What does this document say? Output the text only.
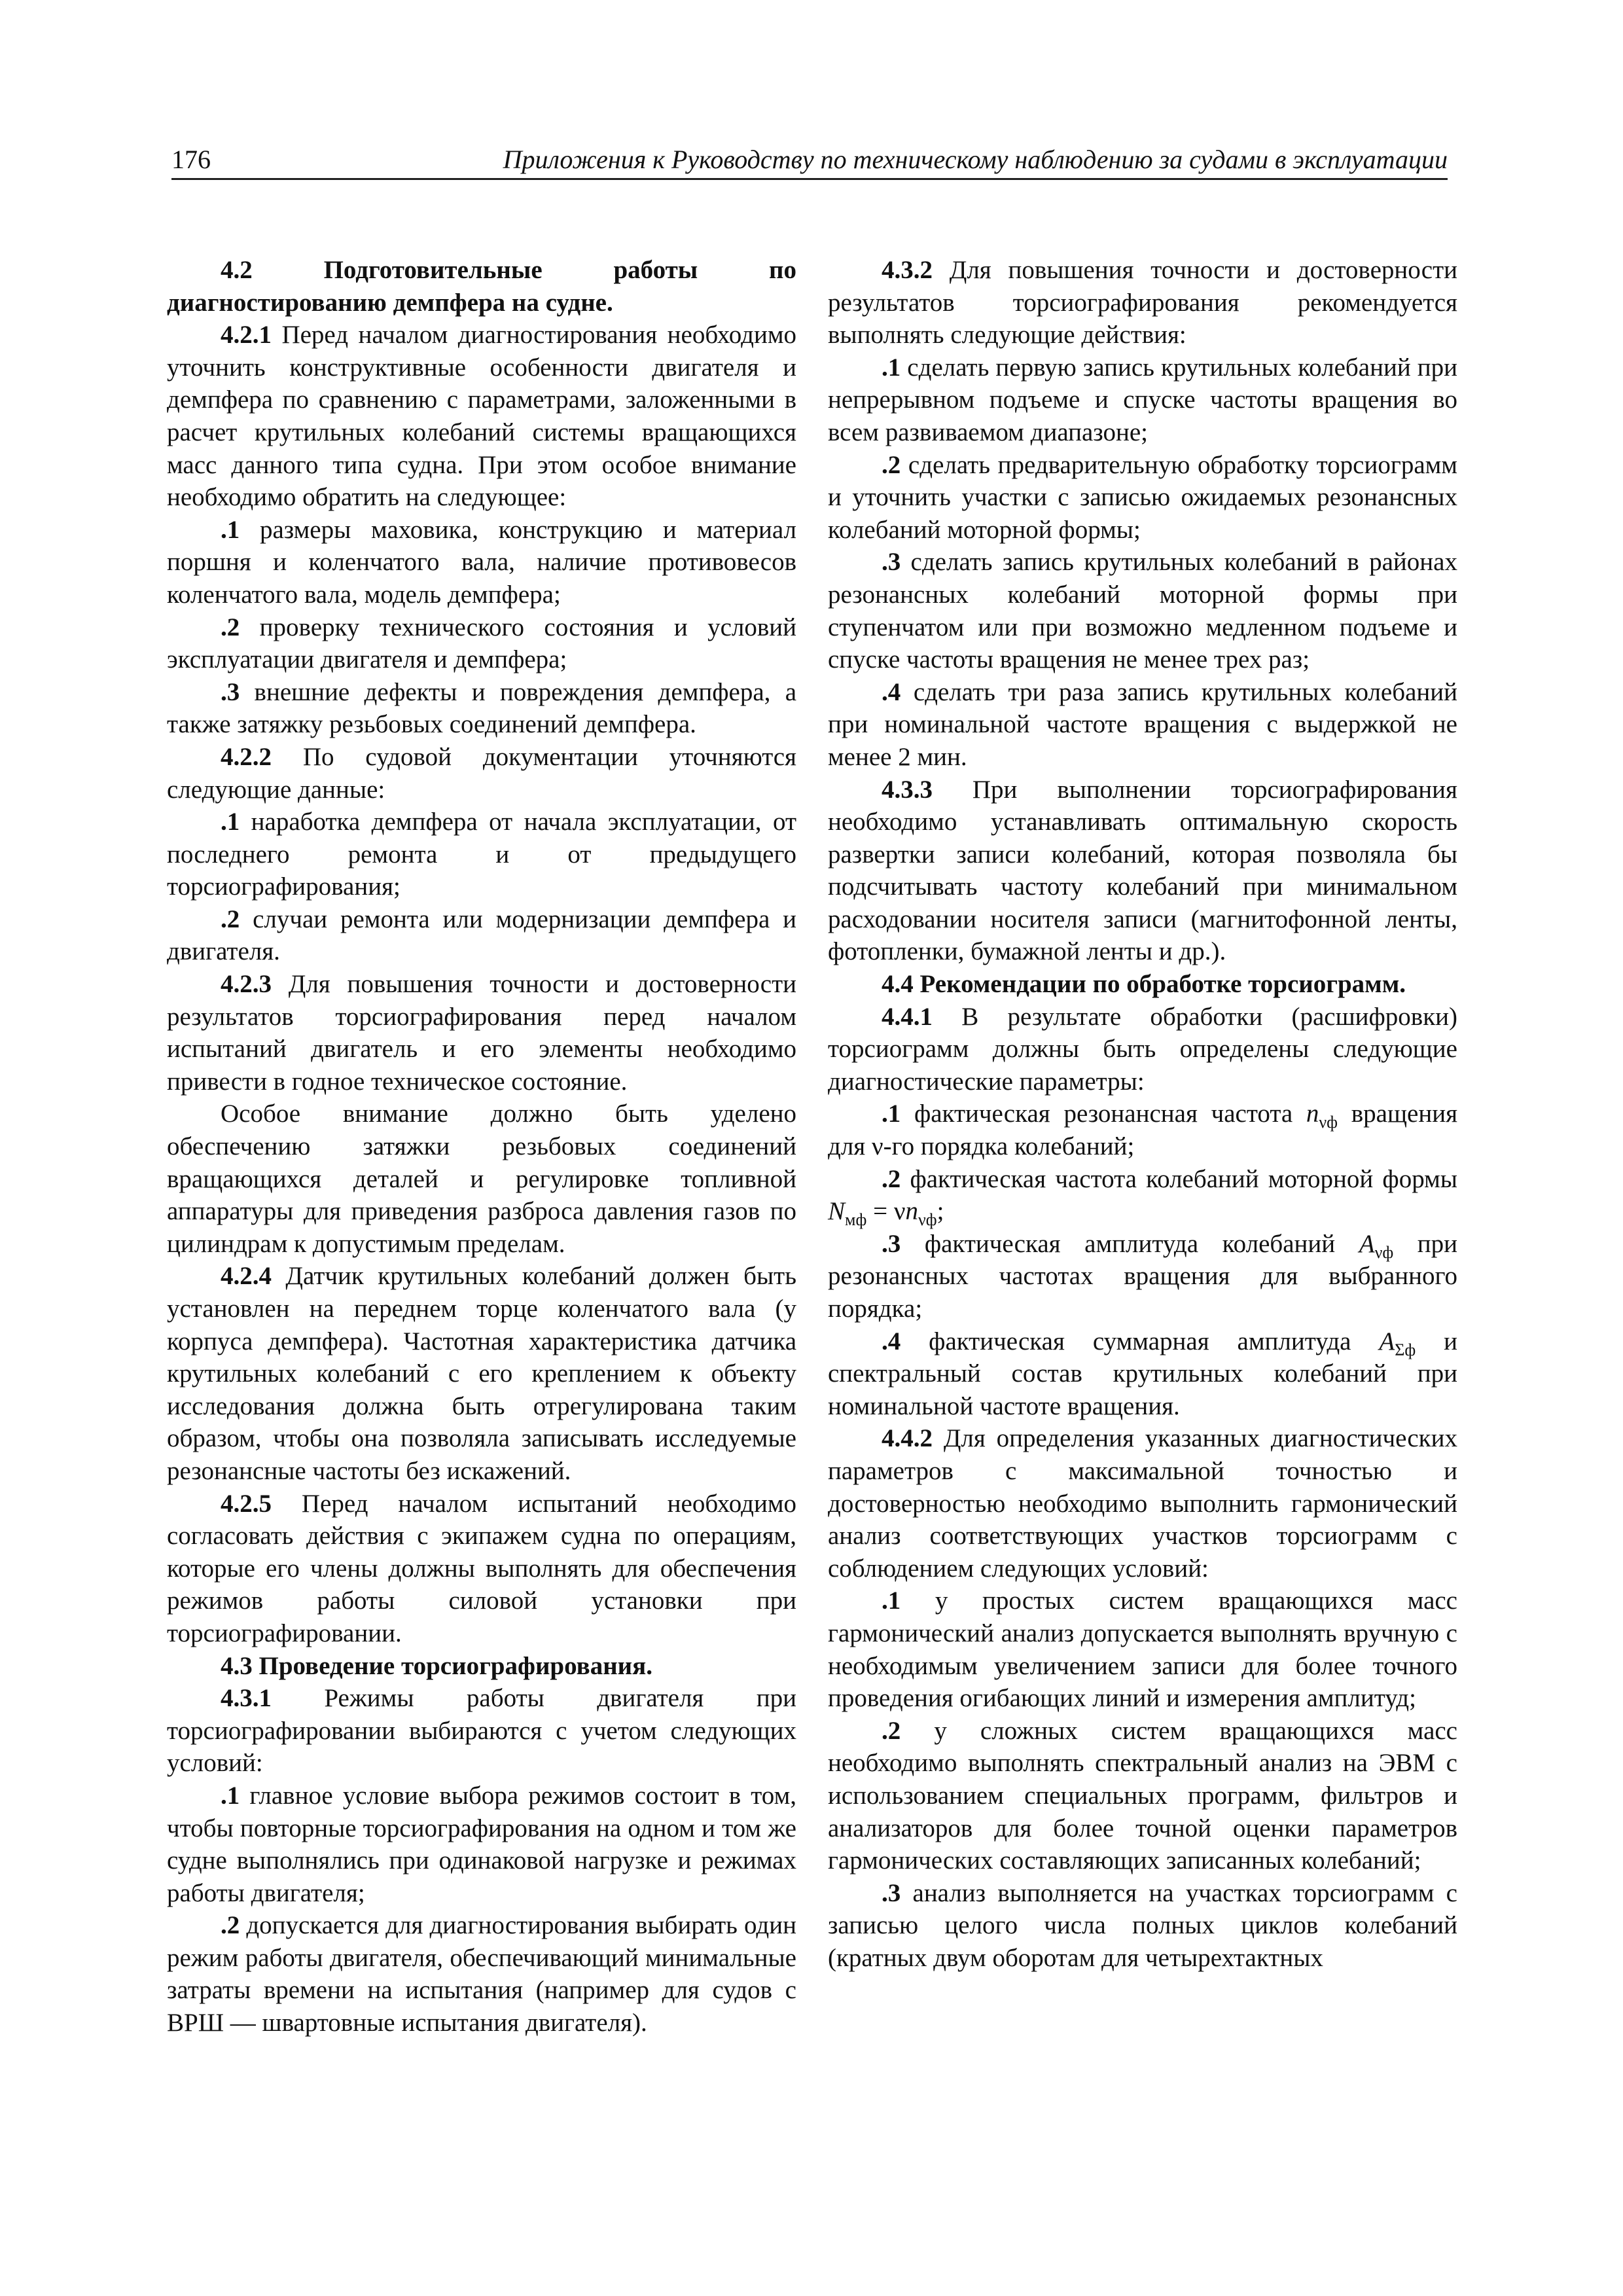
176	Приложения к Руководству по техническому наблюдению за судами в эксплуатации

4.2 Подготовительные работы по диагностированию демпфера на судне.

4.2.1 Перед началом диагностирования необходимо уточнить конструктивные особенности двигателя и демпфера по сравнению с параметрами, заложенными в расчет крутильных колебаний системы вращающихся масс данного типа судна. При этом особое внимание необходимо обратить на следующее:

.1 размеры маховика, конструкцию и материал поршня и коленчатого вала, наличие противовесов коленчатого вала, модель демпфера;

.2 проверку технического состояния и условий эксплуатации двигателя и демпфера;

.3 внешние дефекты и повреждения демпфера, а также затяжку резьбовых соединений демпфера.

4.2.2 По судовой документации уточняются следующие данные:

.1 наработка демпфера от начала эксплуатации, от последнего ремонта и от предыдущего торсиографирования;

.2 случаи ремонта или модернизации демпфера и двигателя.

4.2.3 Для повышения точности и достоверности результатов торсиографирования перед началом испытаний двигатель и его элементы необходимо привести в годное техническое состояние.

Особое внимание должно быть уделено обеспечению затяжки резьбовых соединений вращающихся деталей и регулировке топливной аппаратуры для приведения разброса давления газов по цилиндрам к допустимым пределам.

4.2.4 Датчик крутильных колебаний должен быть установлен на переднем торце коленчатого вала (у корпуса демпфера). Частотная характеристика датчика крутильных колебаний с его креплением к объекту исследования должна быть отрегулирована таким образом, чтобы она позволяла записывать исследуемые резонансные частоты без искажений.

4.2.5 Перед началом испытаний необходимо согласовать действия с экипажем судна по операциям, которые его члены должны выполнять для обеспечения режимов работы силовой установки при торсиографировании.

4.3 Проведение торсиографирования.

4.3.1 Режимы работы двигателя при торсиографировании выбираются с учетом следующих условий:

.1 главное условие выбора режимов состоит в том, чтобы повторные торсиографирования на одном и том же судне выполнялись при одинаковой нагрузке и режимах работы двигателя;

.2 допускается для диагностирования выбирать один режим работы двигателя, обеспечивающий минимальные затраты времени на испытания (например для судов с ВРШ — швартовные испытания двигателя).

4.3.2 Для повышения точности и достоверности результатов торсиографирования рекомендуется выполнять следующие действия:

.1 сделать первую запись крутильных колебаний при непрерывном подъеме и спуске частоты вращения во всем развиваемом диапазоне;

.2 сделать предварительную обработку торсиограмм и уточнить участки с записью ожидаемых резонансных колебаний моторной формы;

.3 сделать запись крутильных колебаний в районах резонансных колебаний моторной формы при ступенчатом или при возможно медленном подъеме и спуске частоты вращения не менее трех раз;

.4 сделать три раза запись крутильных колебаний при номинальной частоте вращения с выдержкой не менее 2 мин.

4.3.3 При выполнении торсиографирования необходимо устанавливать оптимальную скорость развертки записи колебаний, которая позволяла бы подсчитывать частоту колебаний при минимальном расходовании носителя записи (магнитофонной ленты, фотопленки, бумажной ленты и др.).

4.4 Рекомендации по обработке торсиограмм.

4.4.1 В результате обработки (расшифровки) торсиограмм должны быть определены следующие диагностические параметры:

.1 фактическая резонансная частота $n_{\nu ф}$ вращения для ν-го порядка колебаний;

.2 фактическая частота колебаний моторной формы $N_{мф} = \nu n_{\nu ф}$;

.3 фактическая амплитуда колебаний $A_{\nu ф}$ при резонансных частотах вращения для выбранного порядка;

.4 фактическая суммарная амплитуда $A_{\Sigma ф}$ и спектральный состав крутильных колебаний при номинальной частоте вращения.

4.4.2 Для определения указанных диагностических параметров с максимальной точностью и достоверностью необходимо выполнить гармонический анализ соответствующих участков торсиограмм с соблюдением следующих условий:

.1 у простых систем вращающихся масс гармонический анализ допускается выполнять вручную с необходимым увеличением записи для более точного проведения огибающих линий и измерения амплитуд;

.2 у сложных систем вращающихся масс необходимо выполнять спектральный анализ на ЭВМ с использованием специальных программ, фильтров и анализаторов для более точной оценки параметров гармонических составляющих записанных колебаний;

.3 анализ выполняется на участках торсиограмм с записью целого числа полных циклов колебаний (кратных двум оборотам для четырехтактных
